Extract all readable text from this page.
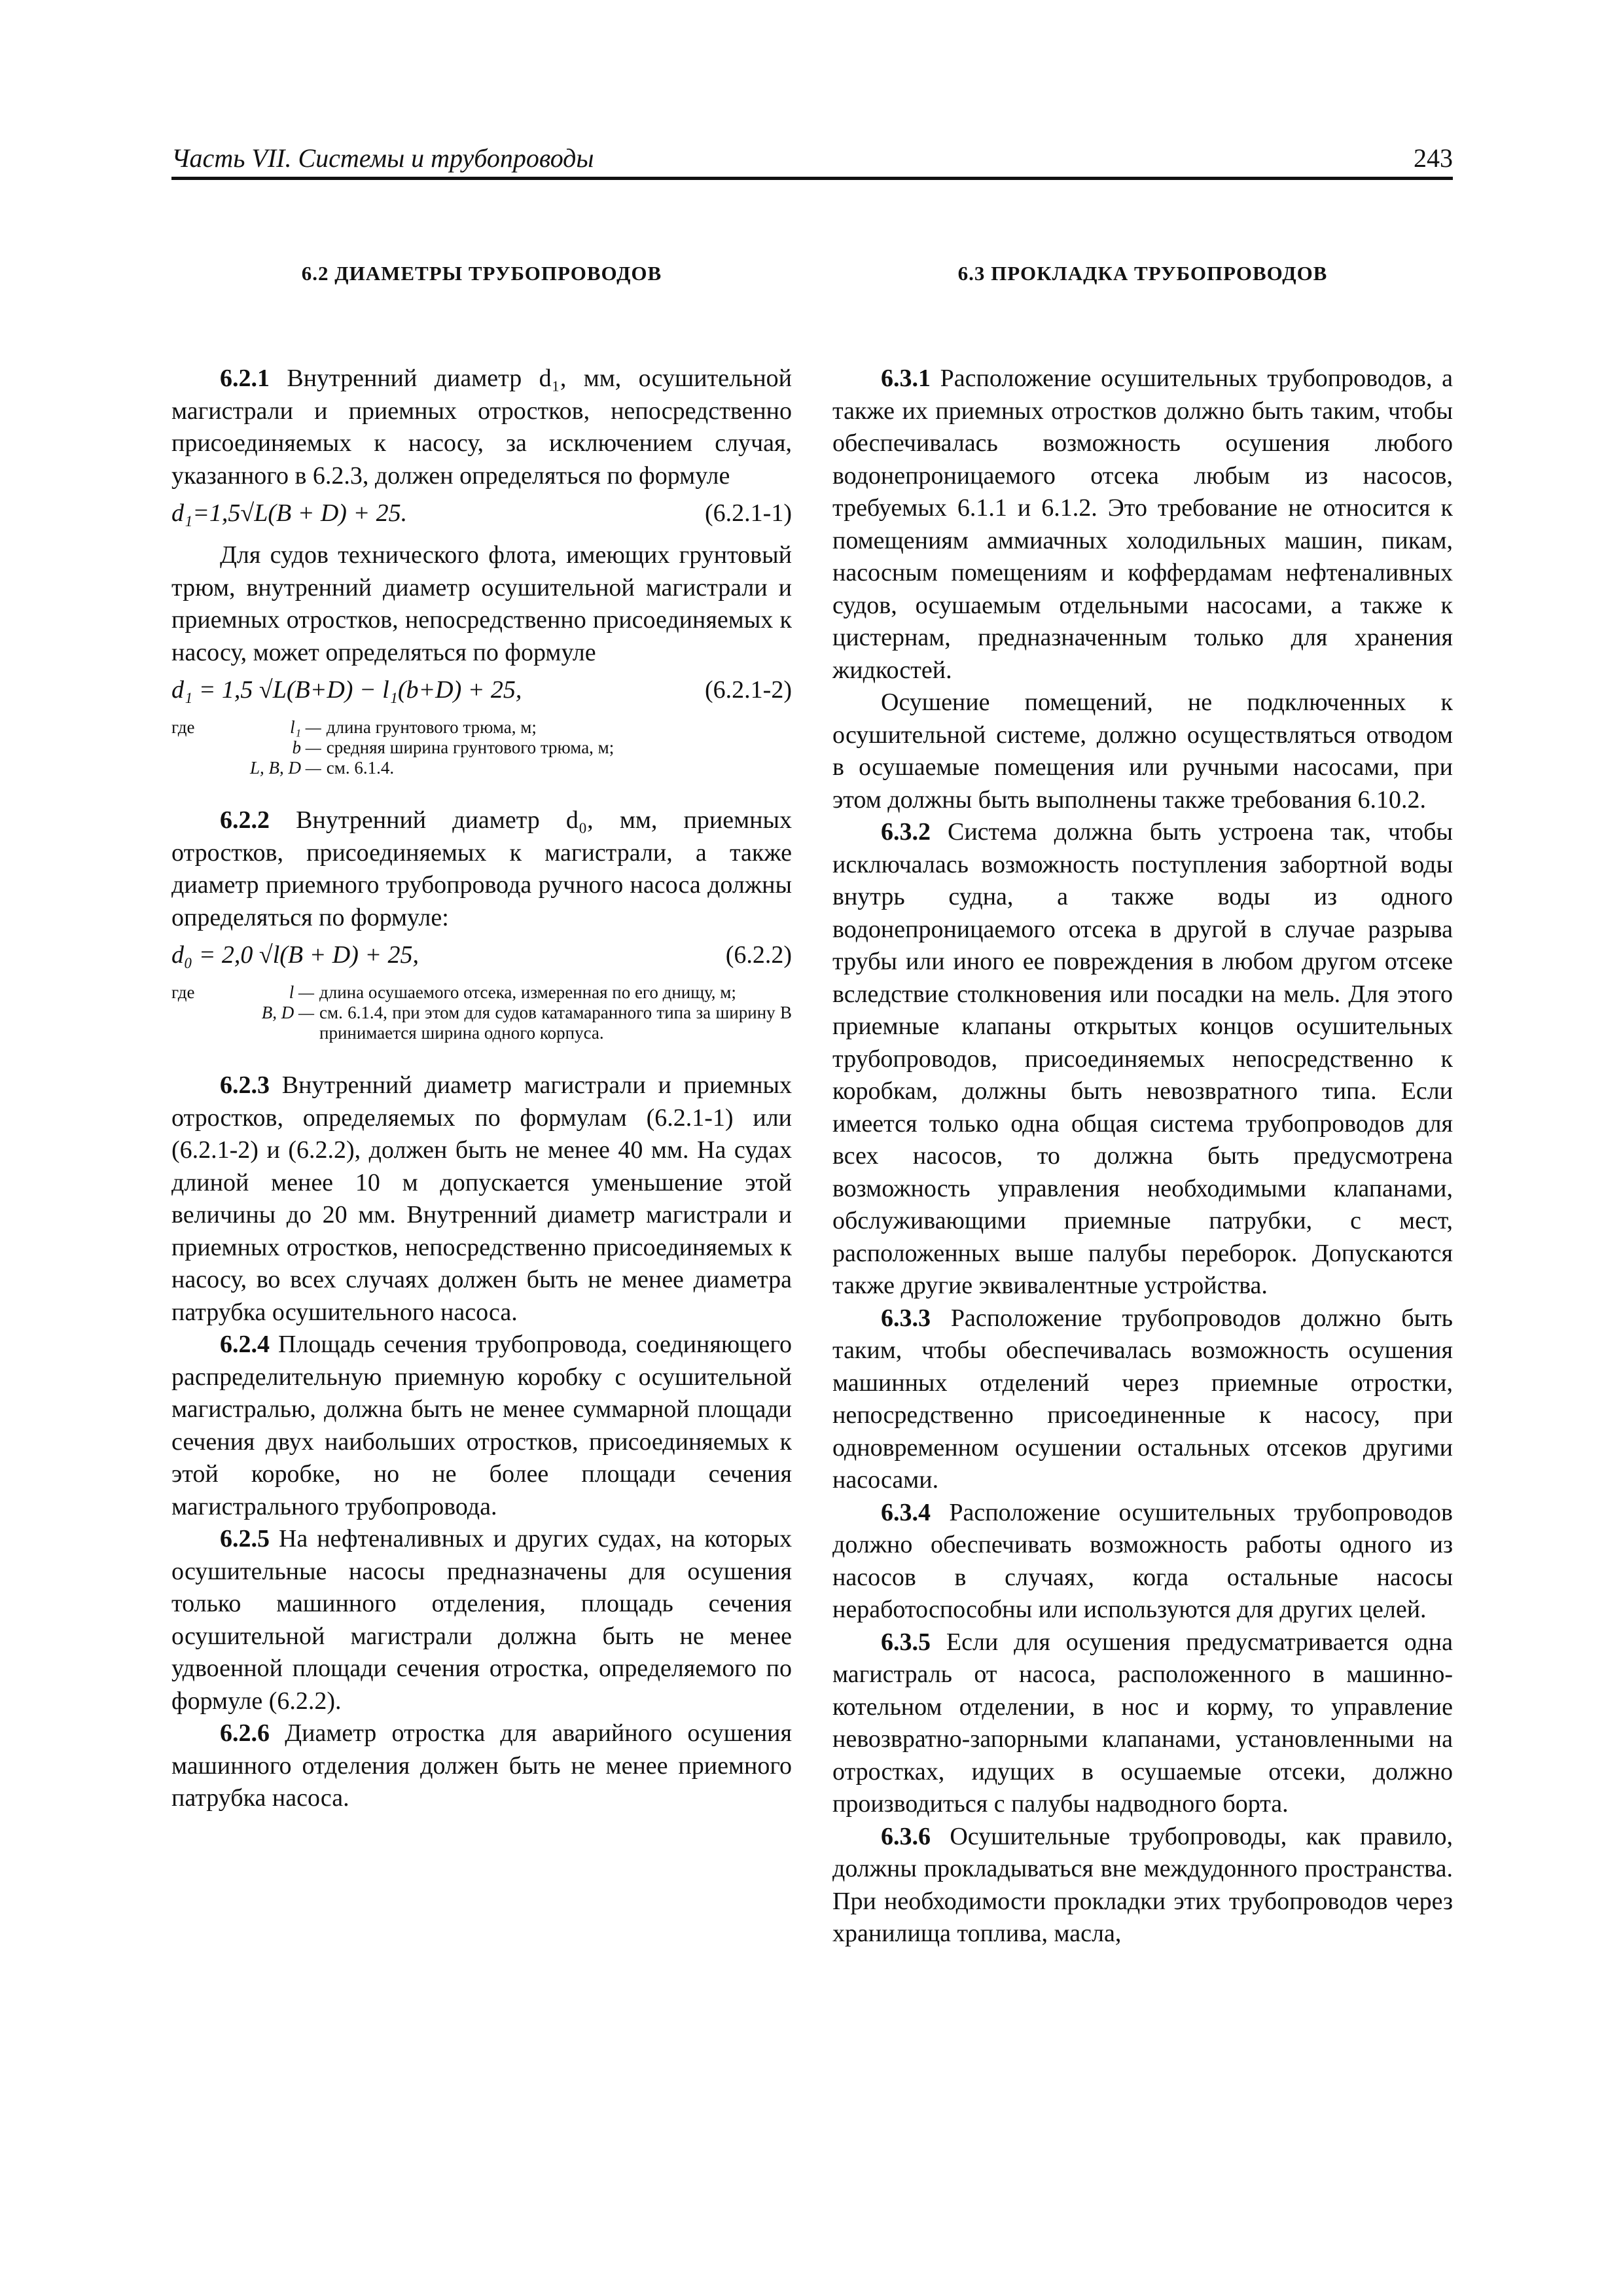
Часть VII. Системы и трубопроводы	243
6.2 ДИАМЕТРЫ ТРУБОПРОВОДОВ

6.2.1 Внутренний диаметр d₁, мм, осушительной магистрали и приемных отростков, непосредственно присоединяемых к насосу, за исключением случая, указанного в 6.2.3, должен определяться по формуле

d₁=1,5√L(B + D) + 25.	(6.2.1-1)

Для судов технического флота, имеющих грунтовый трюм, внутренний диаметр осушительной магистрали и приемных отростков, непосредственно присоединяемых к насосу, может определяться по формуле

d₁ = 1,5 √L(B+D) − l₁(b+D) + 25,	(6.2.1-2)
где	l₁ —	длина грунтового трюма, м;
	b —	средняя ширина грунтового трюма, м;
	L, B, D —	см. 6.1.4.

6.2.2 Внутренний диаметр d₀, мм, приемных отростков, присоединяемых к магистрали, а также диаметр приемного трубопровода ручного насоса должны определяться по формуле:

d₀ = 2,0 √l(B + D) + 25,	(6.2.2)
где	l —	длина осушаемого отсека, измеренная по его днищу, м;
	B, D —	см. 6.1.4, при этом для судов катамаранного типа за ширину B принимается ширина одного корпуса.

6.2.3 Внутренний диаметр магистрали и приемных отростков, определяемых по формулам (6.2.1-1) или (6.2.1-2) и (6.2.2), должен быть не менее 40 мм. На судах длиной менее 10 м допускается уменьшение этой величины до 20 мм. Внутренний диаметр магистрали и приемных отростков, непосредственно присоединяемых к насосу, во всех случаях должен быть не менее диаметра патрубка осушительного насоса.

6.2.4 Площадь сечения трубопровода, соединяющего распределительную приемную коробку с осушительной магистралью, должна быть не менее суммарной площади сечения двух наибольших отростков, присоединяемых к этой коробке, но не более площади сечения магистрального трубопровода.

6.2.5 На нефтеналивных и других судах, на которых осушительные насосы предназначены для осушения только машинного отделения, площадь сечения осушительной магистрали должна быть не менее удвоенной площади сечения отростка, определяемого по формуле (6.2.2).

6.2.6 Диаметр отростка для аварийного осушения машинного отделения должен быть не менее приемного патрубка насоса.

6.3 ПРОКЛАДКА ТРУБОПРОВОДОВ

6.3.1 Расположение осушительных трубопроводов, а также их приемных отростков должно быть таким, чтобы обеспечивалась возможность осушения любого водонепроницаемого отсека любым из насосов, требуемых 6.1.1 и 6.1.2. Это требование не относится к помещениям аммиачных холодильных машин, пикам, насосным помещениям и коффердамам нефтеналивных судов, осушаемым отдельными насосами, а также к цистернам, предназначенным только для хранения жидкостей.

Осушение помещений, не подключенных к осушительной системе, должно осуществляться отводом в осушаемые помещения или ручными насосами, при этом должны быть выполнены также требования 6.10.2.

6.3.2 Система должна быть устроена так, чтобы исключалась возможность поступления забортной воды внутрь судна, а также воды из одного водонепроницаемого отсека в другой в случае разрыва трубы или иного ее повреждения в любом другом отсеке вследствие столкновения или посадки на мель. Для этого приемные клапаны открытых концов осушительных трубопроводов, присоединяемых непосредственно к коробкам, должны быть невозвратного типа. Если имеется только одна общая система трубопроводов для всех насосов, то должна быть предусмотрена возможность управления необходимыми клапанами, обслуживающими приемные патрубки, с мест, расположенных выше палубы переборок. Допускаются также другие эквивалентные устройства.

6.3.3 Расположение трубопроводов должно быть таким, чтобы обеспечивалась возможность осушения машинных отделений через приемные отростки, непосредственно присоединенные к насосу, при одновременном осушении остальных отсеков другими насосами.

6.3.4 Расположение осушительных трубопроводов должно обеспечивать возможность работы одного из насосов в случаях, когда остальные насосы неработоспособны или используются для других целей.

6.3.5 Если для осушения предусматривается одна магистраль от насоса, расположенного в машинно-котельном отделении, в нос и корму, то управление невозвратно-запорными клапанами, установленными на отростках, идущих в осушаемые отсеки, должно производиться с палубы надводного борта.

6.3.6 Осушительные трубопроводы, как правило, должны прокладываться вне междудонного пространства. При необходимости прокладки этих трубопроводов через хранилища топлива, масла,
